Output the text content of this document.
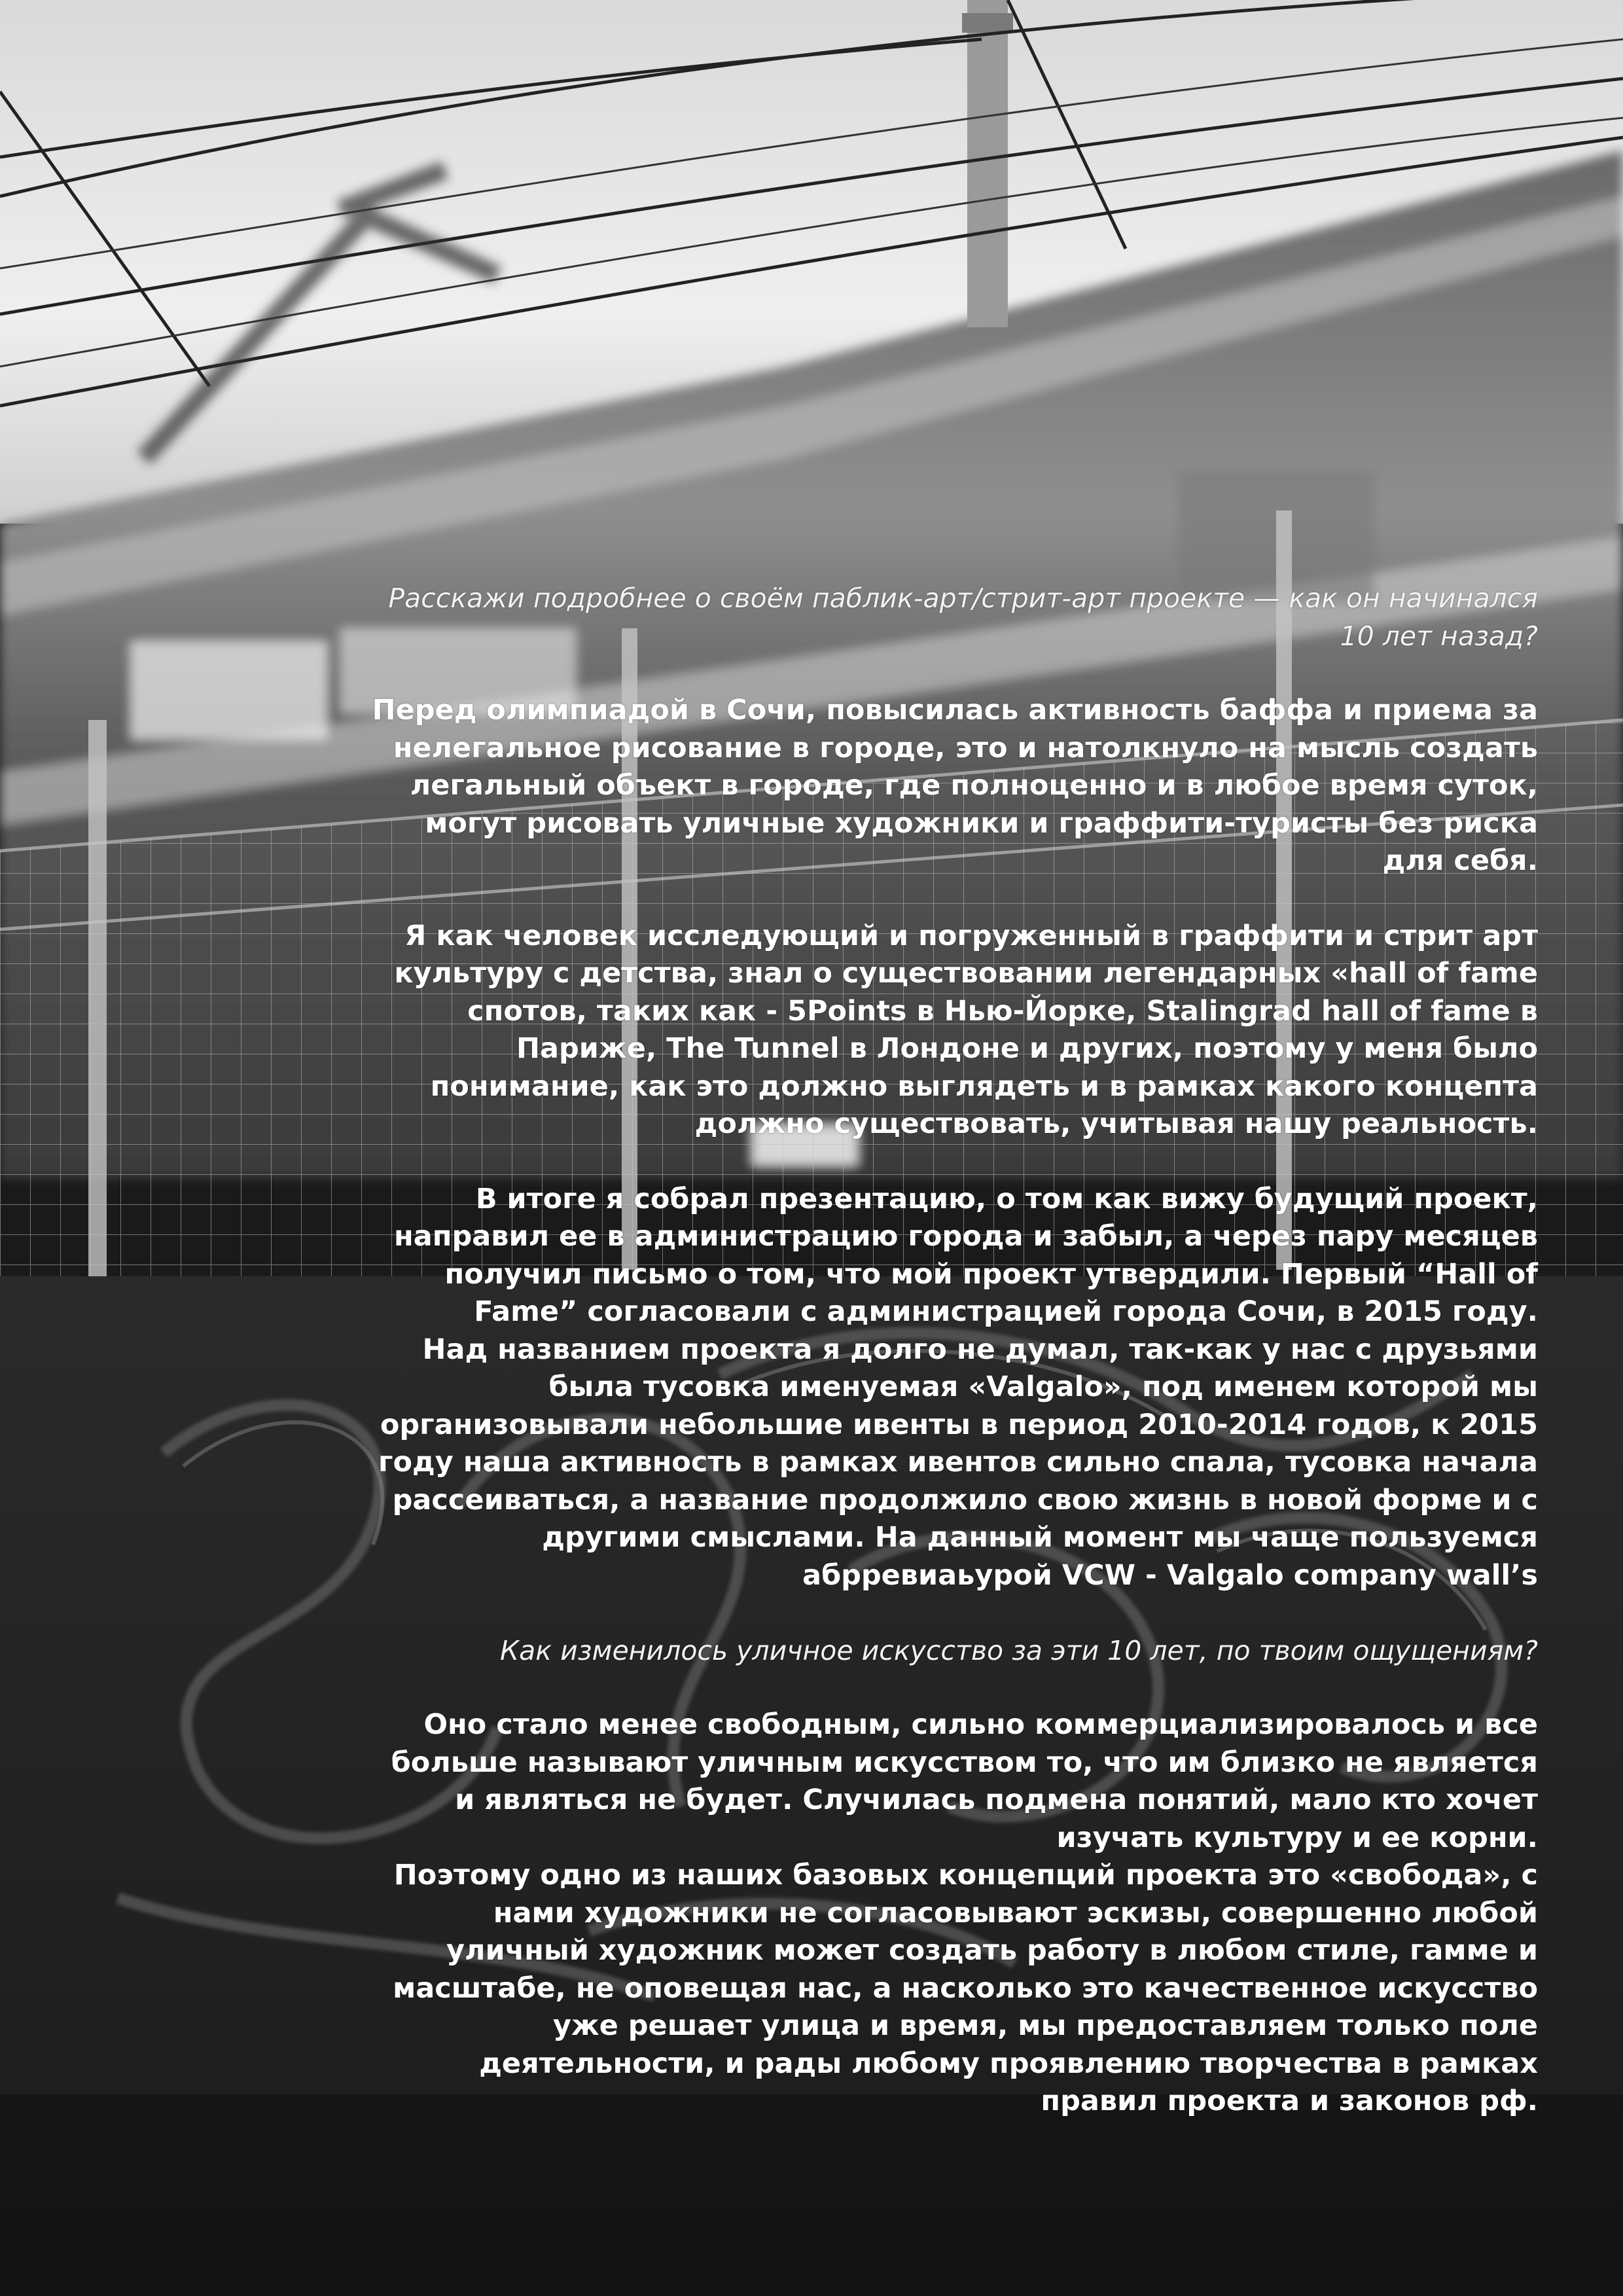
Расскажи подробнее о своём паблик-арт/стрит-арт проекте — как он начинался 10 лет назад?

Перед олимпиадой в Сочи, повысилась активность баффа и приема за нелегальное рисование в городе, это и натолкнуло на мысль создать легальный объект в городе, где полноценно и в любое время суток, могут рисовать уличные художники и граффити-туристы без риска для себя.

Я как человек исследующий и погруженный в граффити и стрит арт культуру с детства, знал о существовании легендарных «hall of fame спотов, таких как - 5Points в Нью-Йорке, Stalingrad hall of fame в Париже, The Tunnel в Лондоне и других, поэтому у меня было понимание, как это должно выглядеть и в рамках какого концепта должно существовать, учитывая нашу реальность.

В итоге я собрал презентацию, о том как вижу будущий проект, направил ее в администрацию города и забыл, а через пару месяцев получил письмо о том, что мой проект утвердили. Первый “Hall of Fame” согласовали с администрацией города Сочи, в 2015 году.

Над названием проекта я долго не думал, так-как у нас с друзьями была тусовка именуемая «Valgalo», под именем которой мы организовывали небольшие ивенты в период 2010-2014 годов, к 2015 году наша активность в рамках ивентов сильно спала, тусовка начала рассеиваться, а название продолжило свою жизнь в новой форме и с другими смыслами. На данный момент мы чаще пользуемся абрревиаьурой VCW - Valgalo company wall’s

Как изменилось уличное искусство за эти 10 лет, по твоим ощущениям?

Оно стало менее свободным, сильно коммерциализировалось и все больше называют уличным искусством то, что им близко не является и являться не будет. Случилась подмена понятий, мало кто хочет изучать культуру и ее корни.

Поэтому одно из наших базовых концепций проекта это «свобода», с нами художники не согласовывают эскизы, совершенно любой уличный художник может создать работу в любом стиле, гамме и масштабе, не оповещая нас, а насколько это качественное искусство уже решает улица и время, мы предоставляем только поле деятельности, и рады любому проявлению творчества в рамках правил проекта и законов рф.
